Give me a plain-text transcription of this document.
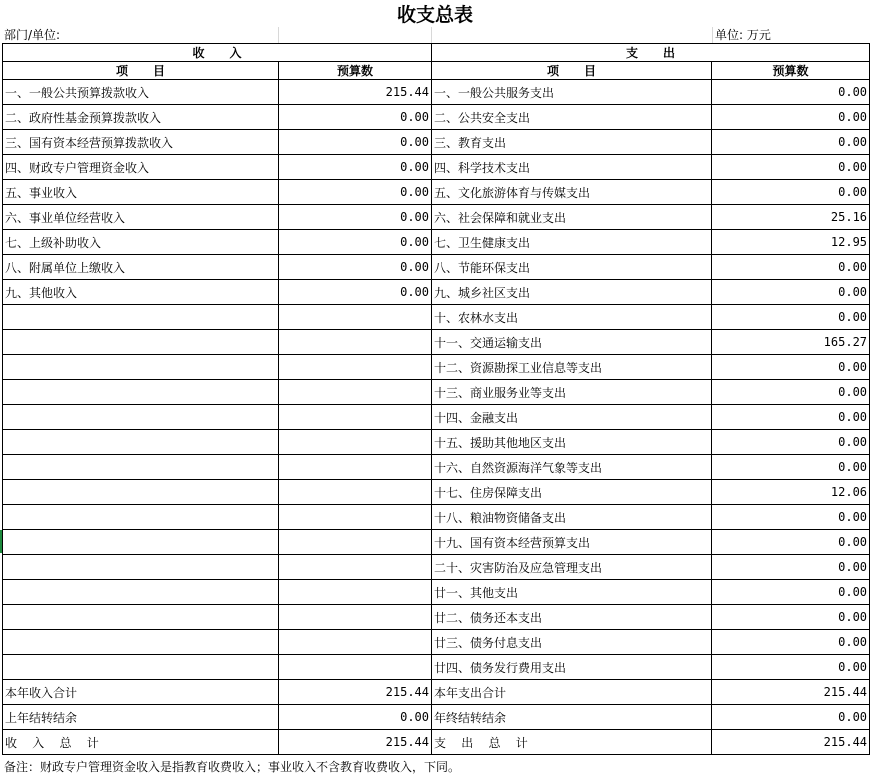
收支总表
部门/单位:	单位: 万元
收      入		支      出	
项      目	预算数	项      目	预算数
一、一般公共预算拨款收入	215.44	一、一般公共服务支出	0.00
二、政府性基金预算拨款收入	0.00	二、公共安全支出	0.00
三、国有资本经营预算拨款收入	0.00	三、教育支出	0.00
四、财政专户管理资金收入	0.00	四、科学技术支出	0.00
五、事业收入	0.00	五、文化旅游体育与传媒支出	0.00
六、事业单位经营收入	0.00	六、社会保障和就业支出	25.16
七、上级补助收入	0.00	七、卫生健康支出	12.95
八、附属单位上缴收入	0.00	八、节能环保支出	0.00
九、其他收入	0.00	九、城乡社区支出	0.00
		十、农林水支出	0.00
		十一、交通运输支出	165.27
		十二、资源勘探工业信息等支出	0.00
		十三、商业服务业等支出	0.00
		十四、金融支出	0.00
		十五、援助其他地区支出	0.00
		十六、自然资源海洋气象等支出	0.00
		十七、住房保障支出	12.06
		十八、粮油物资储备支出	0.00
		十九、国有资本经营预算支出	0.00
		二十、灾害防治及应急管理支出	0.00
		廿一、其他支出	0.00
		廿二、债务还本支出	0.00
		廿三、债务付息支出	0.00
		廿四、债务发行费用支出	0.00
本年收入合计	215.44	本年支出合计	215.44
上年结转结余	0.00	年终结转结余	0.00
收    入    总    计	215.44	支    出    总    计	215.44
备注：财政专户管理资金收入是指教育收费收入；事业收入不含教育收费收入，下同。
